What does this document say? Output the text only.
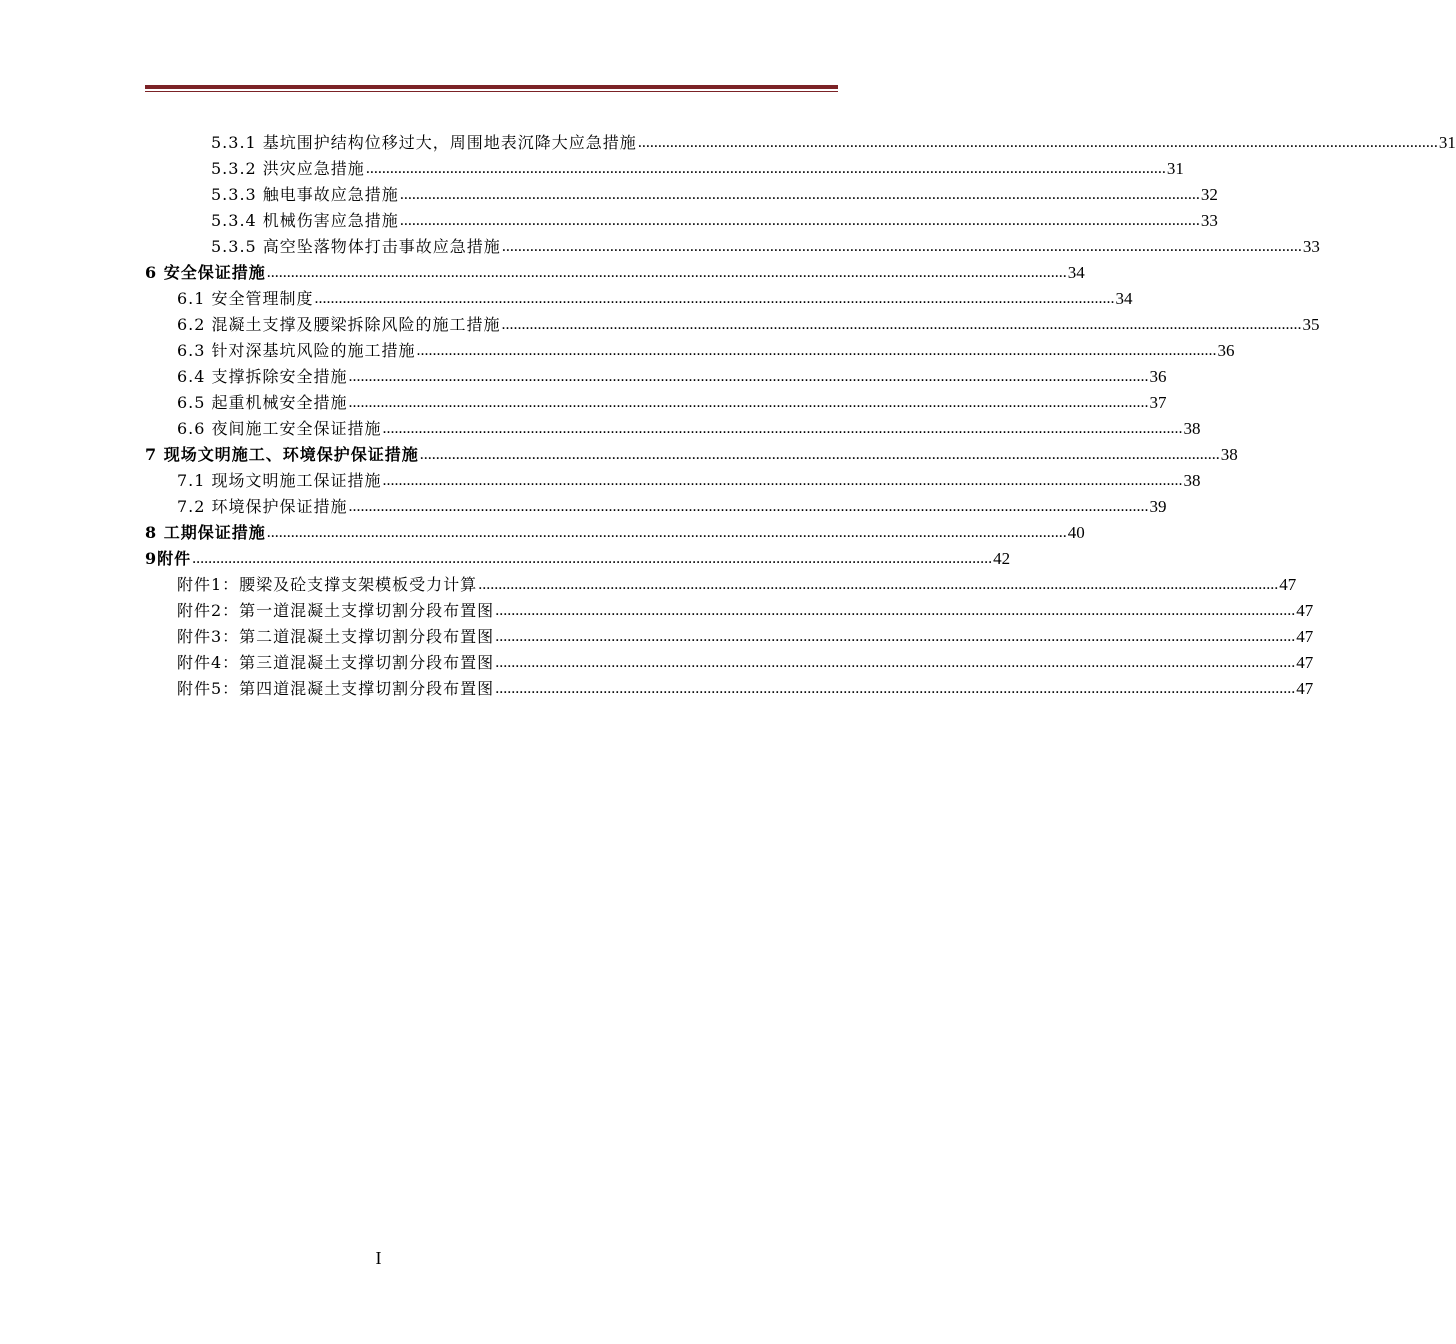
5.3.1 基坑围护结构位移过大，周围地表沉降大应急措施 ........................................................................................................................................................................................................ 31
5.3.2 洪灾应急措施 ........................................................................................................................................................................................................ 31
5.3.3 触电事故应急措施 ........................................................................................................................................................................................................ 32
5.3.4 机械伤害应急措施 ........................................................................................................................................................................................................ 33
5.3.5 高空坠落物体打击事故应急措施 ........................................................................................................................................................................................................ 33
6 安全保证措施 ........................................................................................................................................................................................................ 34
6.1 安全管理制度 ........................................................................................................................................................................................................ 34
6.2 混凝土支撑及腰梁拆除风险的施工措施 ........................................................................................................................................................................................................ 35
6.3 针对深基坑风险的施工措施 ........................................................................................................................................................................................................ 36
6.4 支撑拆除安全措施 ........................................................................................................................................................................................................ 36
6.5 起重机械安全措施 ........................................................................................................................................................................................................ 37
6.6 夜间施工安全保证措施 ........................................................................................................................................................................................................ 38
7 现场文明施工、环境保护保证措施 ........................................................................................................................................................................................................ 38
7.1 现场文明施工保证措施 ........................................................................................................................................................................................................ 38
7.2 环境保护保证措施 ........................................................................................................................................................................................................ 39
8 工期保证措施 ........................................................................................................................................................................................................ 40
9附件 ........................................................................................................................................................................................................ 42
附件1：腰梁及砼支撑支架模板受力计算 ........................................................................................................................................................................................................ 47
附件2：第一道混凝土支撑切割分段布置图 ........................................................................................................................................................................................................ 47
附件3：第二道混凝土支撑切割分段布置图 ........................................................................................................................................................................................................ 47
附件4：第三道混凝土支撑切割分段布置图 ........................................................................................................................................................................................................ 47
附件5：第四道混凝土支撑切割分段布置图 ........................................................................................................................................................................................................ 47
I
